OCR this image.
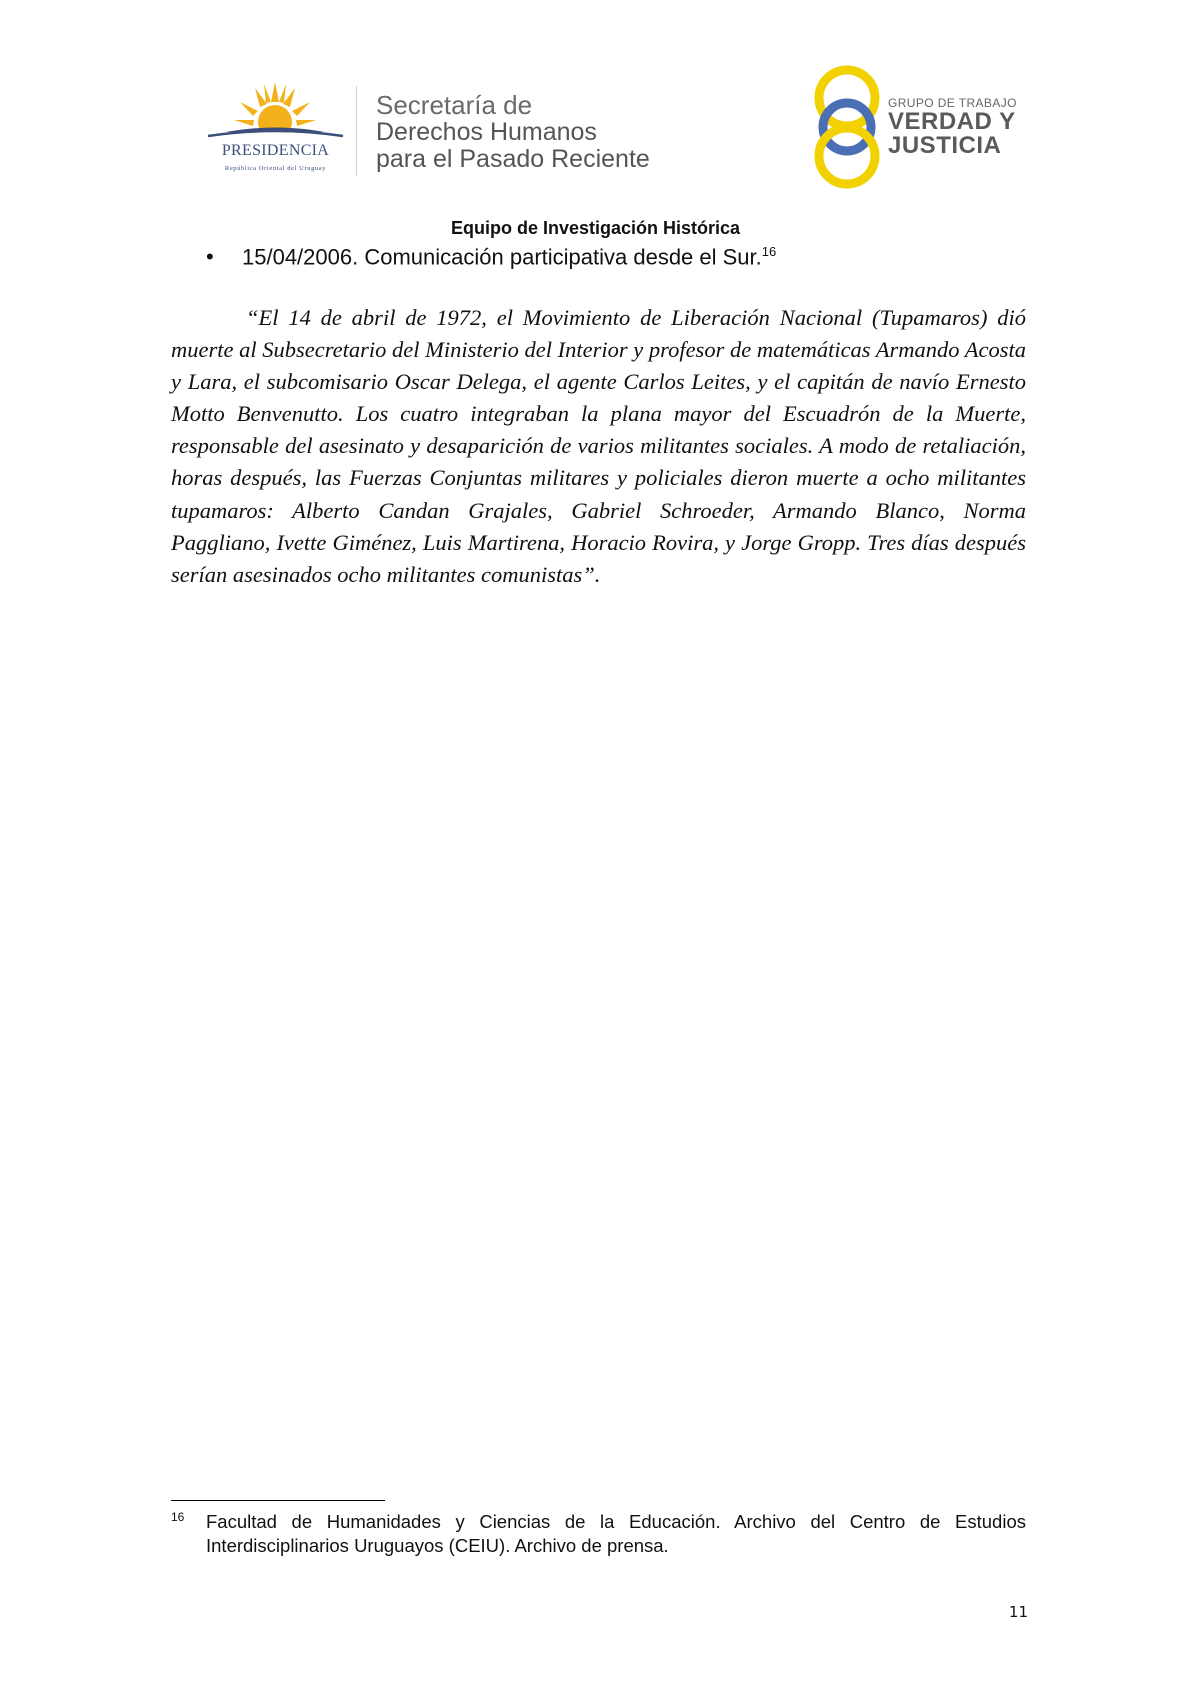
PRESIDENCIA
República Oriental del Uruguay
Secretaría de
Derechos Humanos
para el Pasado Reciente
GRUPO DE TRABAJO
VERDAD Y
JUSTICIA
Equipo de Investigación Histórica
• 15/04/2006. Comunicación participativa desde el Sur.$^{16}$

“El 14 de abril de 1972, el Movimiento de Liberación Nacional (Tupamaros) dió muerte al Subsecretario del Ministerio del Interior y profesor de matemáticas Armando Acosta y Lara, el subcomisario Oscar Delega, el agente Carlos Leites, y el capitán de navío Ernesto Motto Benvenutto. Los cuatro integraban la plana mayor del Escuadrón de la Muerte, responsable del asesinato y desaparición de varios militantes sociales. A modo de retaliación, horas después, las Fuerzas Conjuntas militares y policiales dieron muerte a ocho militantes tupamaros: Alberto Candan Grajales, Gabriel Schroeder, Armando Blanco, Norma Paggliano, Ivette Giménez, Luis Martirena, Horacio Rovira, y Jorge Gropp. Tres días después serían asesinados ocho militantes comunistas”.

16 Facultad de Humanidades y Ciencias de la Educación. Archivo del Centro de Estudios Interdisciplinarios Uruguayos (CEIU). Archivo de prensa.
11
